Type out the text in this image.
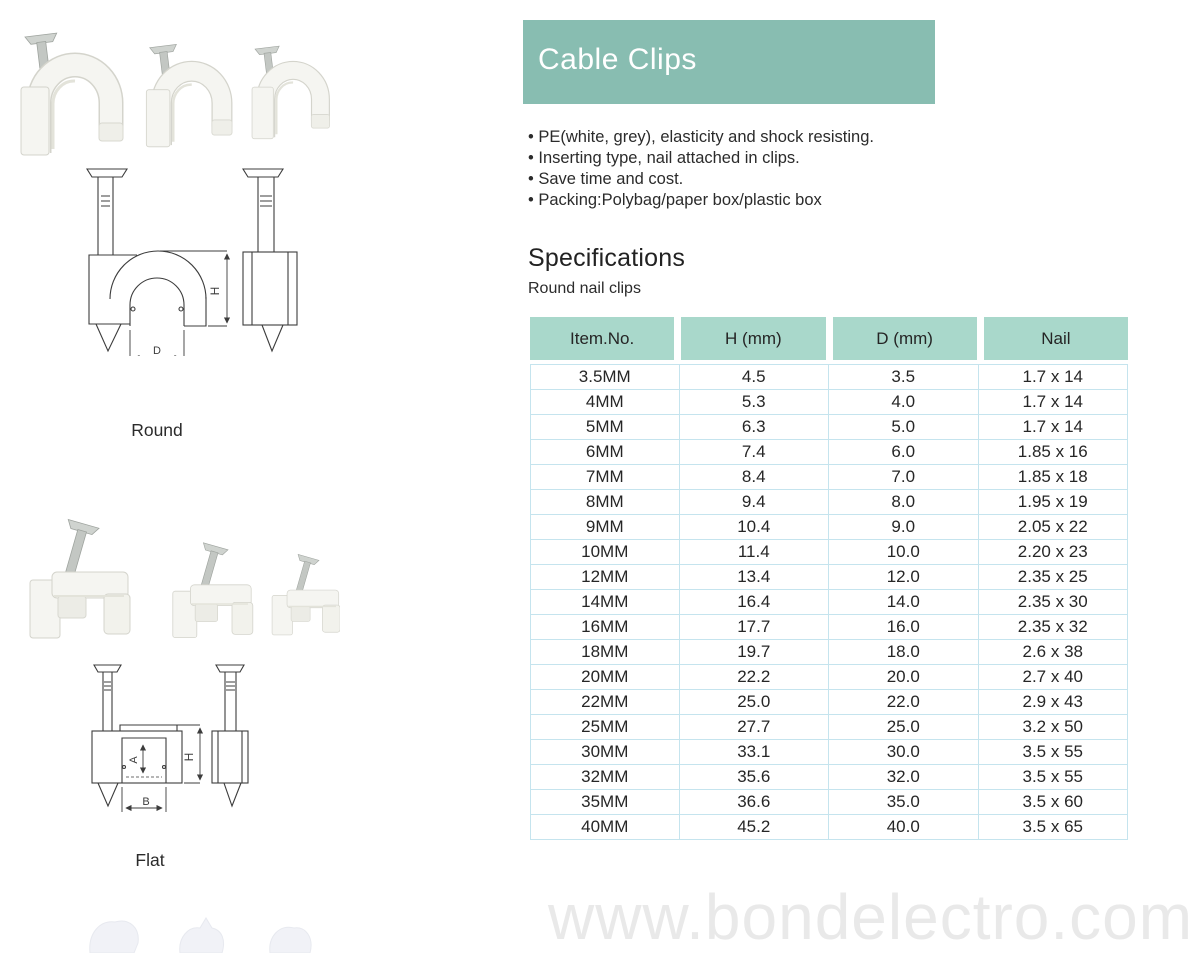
D
H
Round
A
B
H
Flat
Cable Clips
• PE(white, grey), elasticity and shock resisting.
• Inserting type, nail attached in clips.
• Save time and cost.
• Packing:Polybag/paper box/plastic box
Specifications
Round nail clips
Item.No.	H (mm)	D (mm)	Nail
3.5MM	4.5	3.5	1.7 x 14
4MM	5.3	4.0	1.7 x 14
5MM	6.3	5.0	1.7 x 14
6MM	7.4	6.0	1.85 x 16
7MM	8.4	7.0	1.85 x 18
8MM	9.4	8.0	1.95 x 19
9MM	10.4	9.0	2.05 x 22
10MM	11.4	10.0	2.20 x 23
12MM	13.4	12.0	2.35 x 25
14MM	16.4	14.0	2.35 x 30
16MM	17.7	16.0	2.35 x 32
18MM	19.7	18.0	2.6 x 38
20MM	22.2	20.0	2.7 x 40
22MM	25.0	22.0	2.9 x 43
25MM	27.7	25.0	3.2 x 50
30MM	33.1	30.0	3.5 x 55
32MM	35.6	32.0	3.5 x 55
35MM	36.6	35.0	3.5 x 60
40MM	45.2	40.0	3.5 x 65
www.bondelectro.com
